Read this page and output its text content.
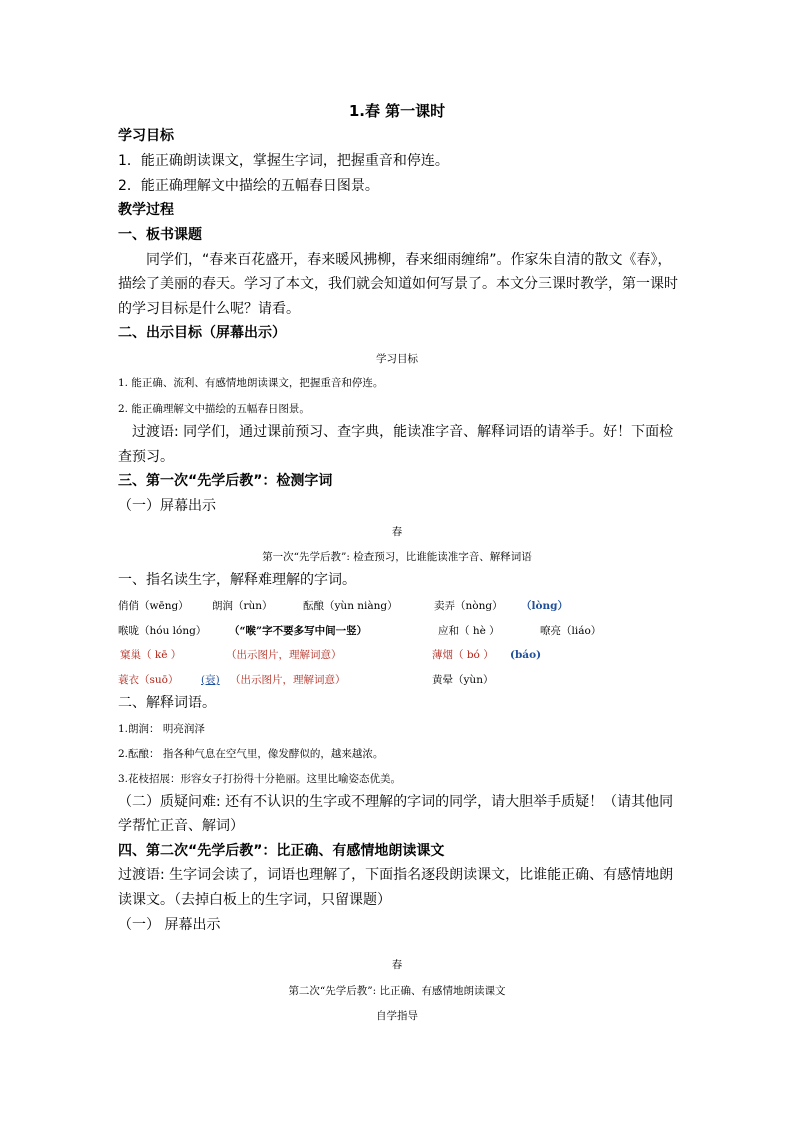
1.春 第一课时
学习目标
1．能正确朗读课文，掌握生字词，把握重音和停连。
2．能正确理解文中描绘的五幅春日图景。
教学过程
一、板书课题
同学们，“春来百花盛开，春来暖风拂柳，春来细雨缠绵”。作家朱自清的散文《春》，
描绘了美丽的春天。学习了本文，我们就会知道如何写景了。本文分三课时教学，第一课时
的学习目标是什么呢？请看。
二、出示目标（屏幕出示）
学习目标
1. 能正确、流利、有感情地朗读课文，把握重音和停连。
2. 能正确理解文中描绘的五幅春日图景。
过渡语: 同学们，通过课前预习、查字典，能读准字音、解释词语的请举手。好！下面检
查预习。
三、第一次“先学后教”：检测字词
（一）屏幕出示
春
第一次“先学后教”: 检查预习，比谁能读准字音、解释词语
一、指名读生字，解释难理解的字词。
俏俏（wēng） 朗润（rùn）	酝酿（yùn niàng）	卖弄（nòng） （lòng）
喉咙（hóu lóng） （“喉”字不要多写中间一竖）	应和（ hè ）	嘹亮（liáo）
窠巢（ kē ）	（出示图片，理解词意）	薄烟（ bó ） (báo)
蓑衣（suō） (衰) （出示图片，理解词意）	黄晕（yùn）
二、解释词语。
1.朗润： 明亮润泽
2.酝酿： 指各种气息在空气里，像发酵似的，越来越浓。
3.花枝招展：形容女子打扮得十分艳丽。这里比喻姿态优美。
（二）质疑问难: 还有不认识的生字或不理解的字词的同学，请大胆举手质疑！（请其他同
学帮忙正音、解词）
四、第二次“先学后教”：比正确、有感情地朗读课文
过渡语: 生字词会读了，词语也理解了，下面指名逐段朗读课文，比谁能正确、有感情地朗
读课文。（去掉白板上的生字词，只留课题）
（一） 屏幕出示
春
第二次“先学后教”: 比正确、有感情地朗读课文
自学指导
